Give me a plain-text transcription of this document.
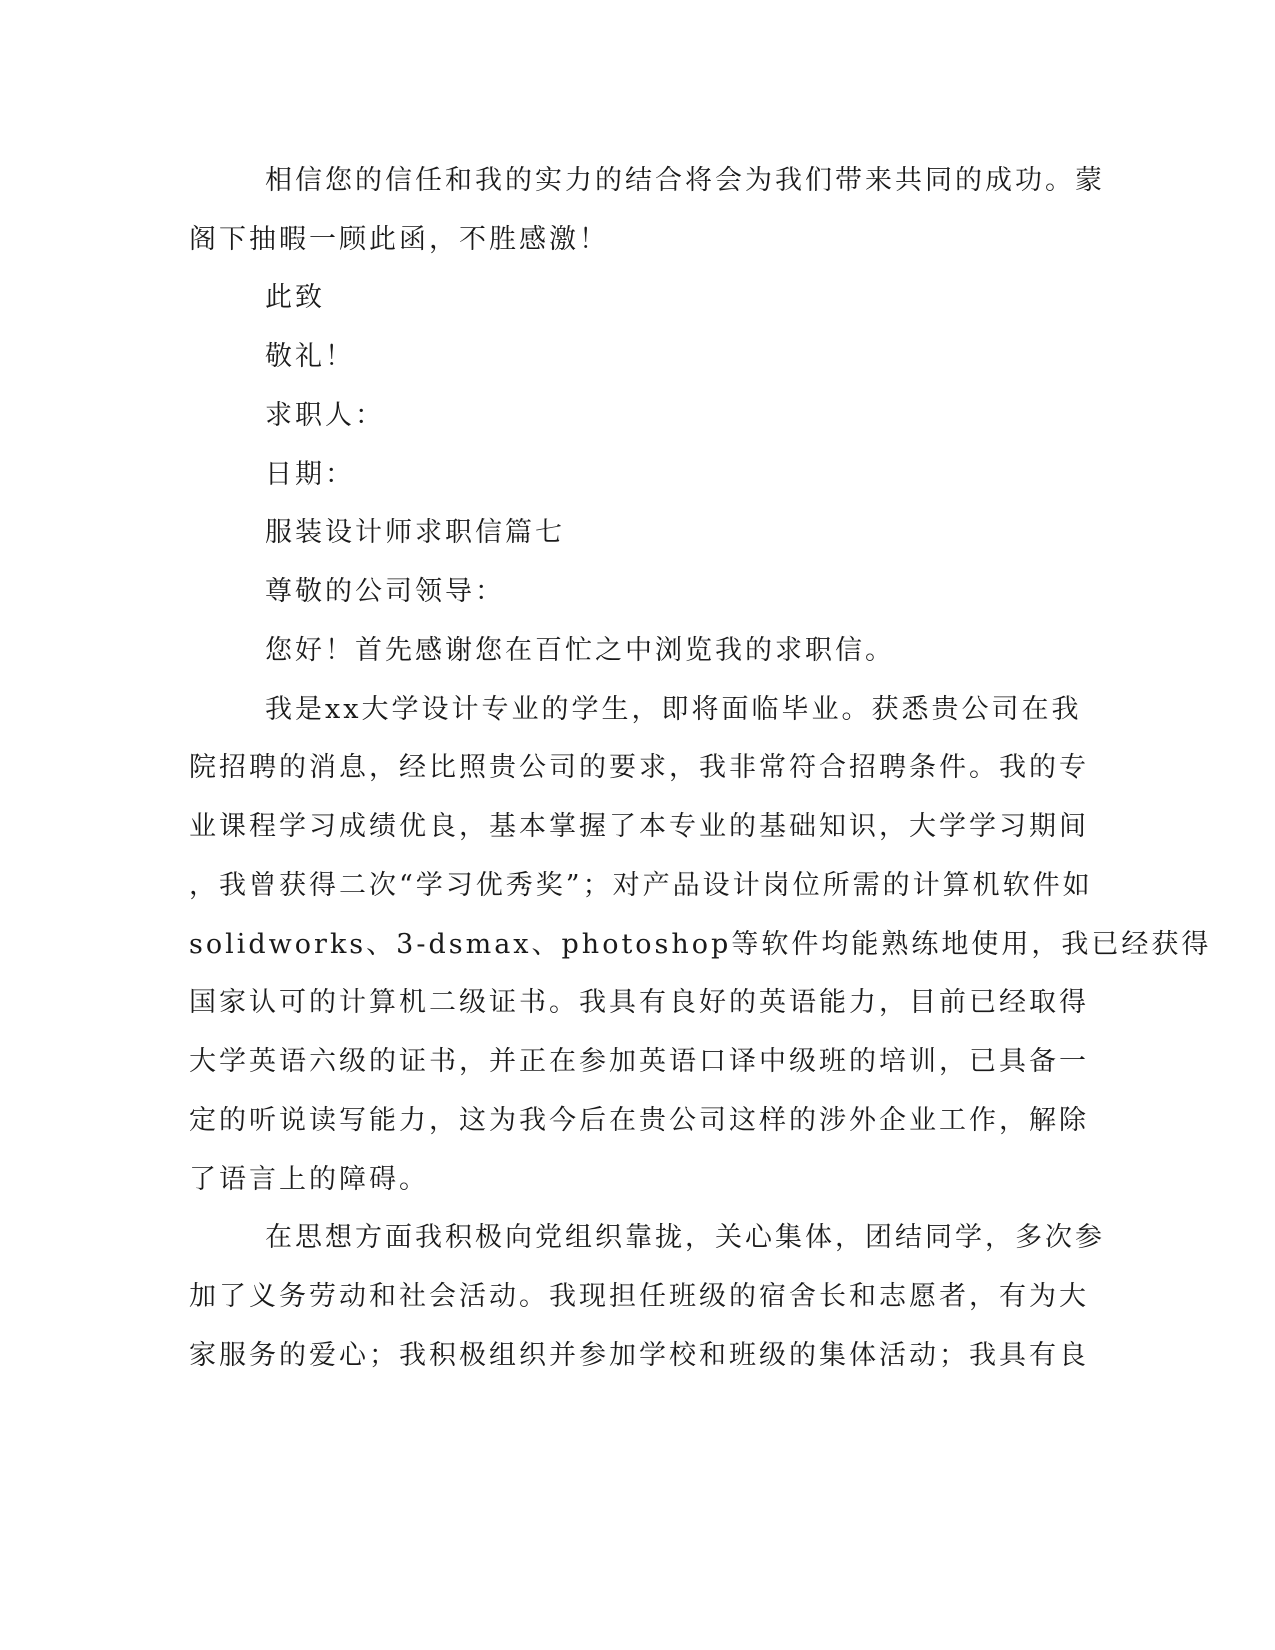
相信您的信任和我的实力的结合将会为我们带来共同的成功。蒙
阁下抽暇一顾此函，不胜感激！
此致
敬礼！
求职人：
日期：
服装设计师求职信篇七
尊敬的公司领导：
您好！首先感谢您在百忙之中浏览我的求职信。
我是xx大学设计专业的学生，即将面临毕业。获悉贵公司在我
院招聘的消息，经比照贵公司的要求，我非常符合招聘条件。我的专
业课程学习成绩优良，基本掌握了本专业的基础知识，大学学习期间
，我曾获得二次“学习优秀奖”；对产品设计岗位所需的计算机软件如
solidworks、3-dsmax、photoshop等软件均能熟练地使用，我已经获得
国家认可的计算机二级证书。我具有良好的英语能力，目前已经取得
大学英语六级的证书，并正在参加英语口译中级班的培训，已具备一
定的听说读写能力，这为我今后在贵公司这样的涉外企业工作，解除
了语言上的障碍。
在思想方面我积极向党组织靠拢，关心集体，团结同学，多次参
加了义务劳动和社会活动。我现担任班级的宿舍长和志愿者，有为大
家服务的爱心；我积极组织并参加学校和班级的集体活动；我具有良
